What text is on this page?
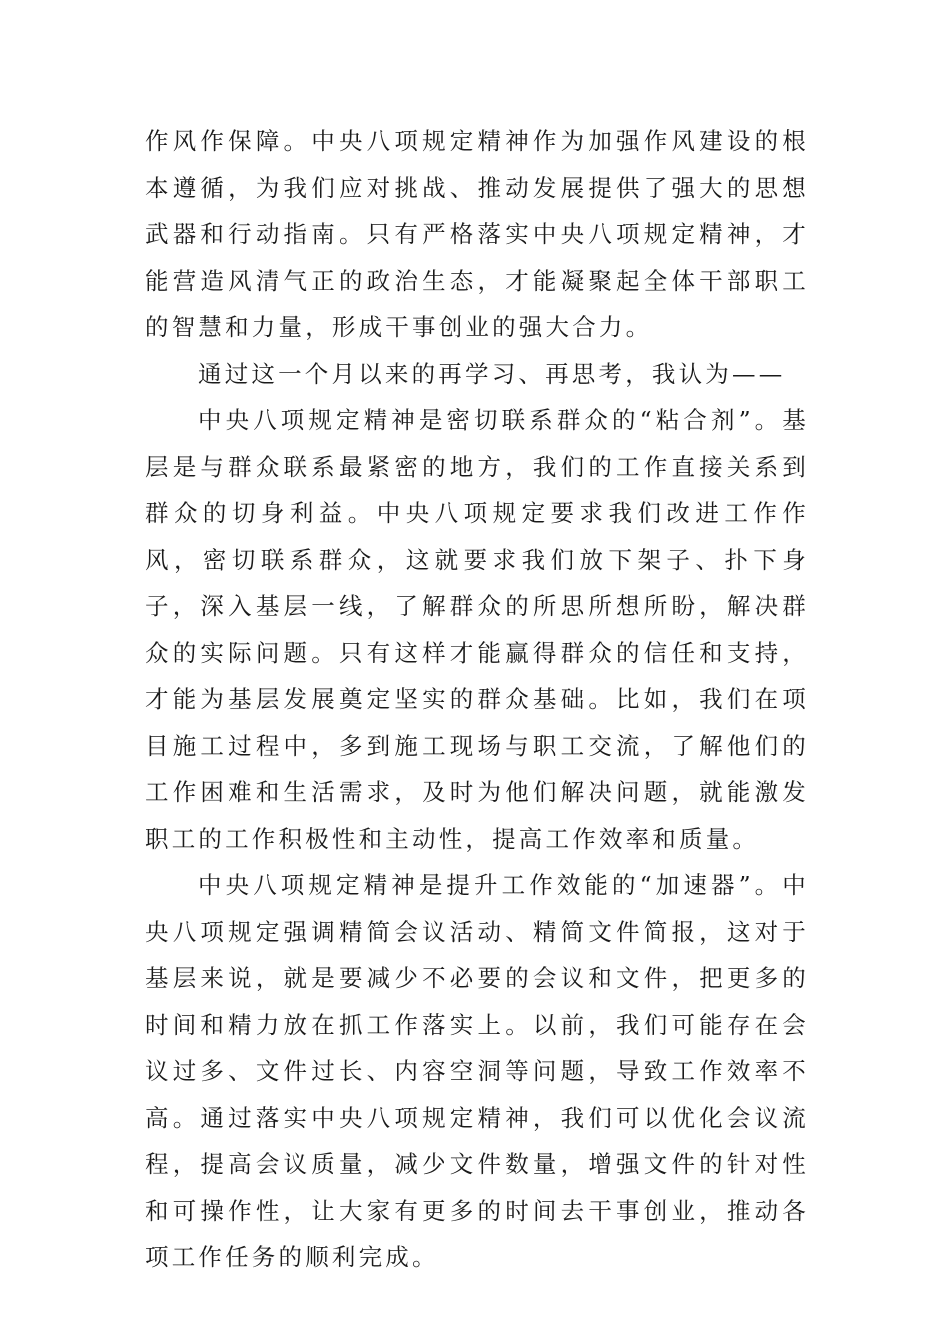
作风作保障。中央八项规定精神作为加强作风建设的根本遵循，为我们应对挑战、推动发展提供了强大的思想武器和行动指南。只有严格落实中央八项规定精神，才能营造风清气正的政治生态，才能凝聚起全体干部职工的智慧和力量，形成干事创业的强大合力。

通过这一个月以来的再学习、再思考，我认为——

中央八项规定精神是密切联系群众的“粘合剂”。基层是与群众联系最紧密的地方，我们的工作直接关系到群众的切身利益。中央八项规定要求我们改进工作作风，密切联系群众，这就要求我们放下架子、扑下身子，深入基层一线，了解群众的所思所想所盼，解决群众的实际问题。只有这样才能赢得群众的信任和支持，才能为基层发展奠定坚实的群众基础。比如，我们在项目施工过程中，多到施工现场与职工交流，了解他们的工作困难和生活需求，及时为他们解决问题，就能激发职工的工作积极性和主动性，提高工作效率和质量。

中央八项规定精神是提升工作效能的“加速器”。中央八项规定强调精简会议活动、精简文件简报，这对于基层来说，就是要减少不必要的会议和文件，把更多的时间和精力放在抓工作落实上。以前，我们可能存在会议过多、文件过长、内容空洞等问题，导致工作效率不高。通过落实中央八项规定精神，我们可以优化会议流程，提高会议质量，减少文件数量，增强文件的针对性和可操作性，让大家有更多的时间去干事创业，推动各项工作任务的顺利完成。
